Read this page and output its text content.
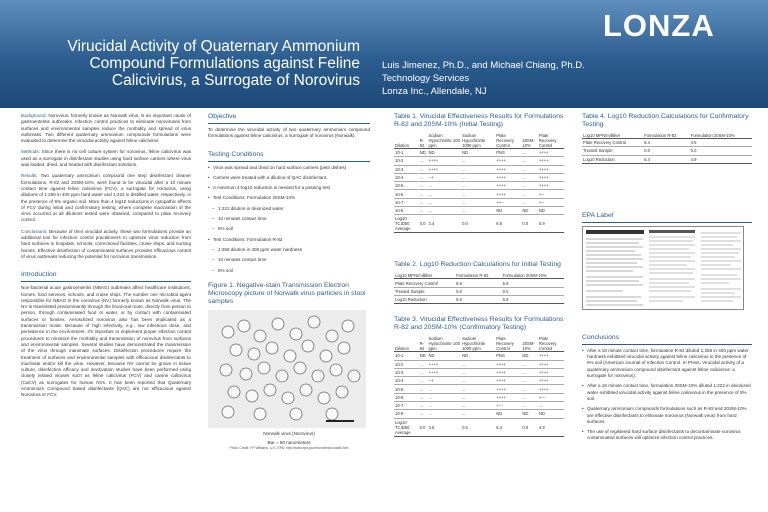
Virucidal Activity of Quaternary Ammonium
Compound Formulations against Feline
Calicivirus, a Surrogate of Norovirus
Luis Jimenez, Ph.D., and Michael Chiang, Ph.D.
Technology Services
Lonza Inc., Allendale, NJ
LONZA
Background: Norovirus, formerly known as Norwalk virus, is an important cause of gastroenteritis outbreaks. Infection control practices to eliminate noroviruses from surfaces and environmental samples reduce the morbidity and spread of virus outbreaks. Two different quaternary ammonium compounds formulations were evaluated to determine the virucidal activity against feline calicivirus
Methods: Since there is no cell culture system for norovirus, feline calicivirus was used as a surrogate in disinfectant studies using hard surface carriers where virus was loaded, dried, and treated with disinfectant solutions.
Results: Two quaternary ammonium compound one step disinfectant cleaner formulations, R-82 and 20SM-10%, were found to be virucidal after a 10 minute contact time against feline calicivirus (FCV), a surrogate for norovirus, using dilutions of 1:256 in 400 ppm hard water and 1:222 in distilled water, respectively, in the presence of 5% organic soil. More than 4 log10 reductions in cytopathic effects of FCV during initial and confirmatory testing, where complete inactivation of the virus occurred at all dilutions tested were obtained, compared to plate recovery control.
Conclusions: Because of their virucidal activity, these two formulations provide an additional tool for infection control practitioners to optimize virus reduction from hard surfaces in hospitals, schools, correctional facilities, cruise ships, and nursing homes. Effective disinfection of contaminated surfaces provides efficacious control of virus outbreaks reducing the potential for norovirus transmission.
Introduction
Non-bacterial acute gastroenteritis (NBAG) outbreaks affect healthcare institutions, homes, food services, schools, and cruise ships. The number one microbial agent responsible for NBAG is the norovirus (NV) formerly known as Norwalk virus. The NV is transmitted predominantly through the fecal-oral route, directly from person to person, through contaminated food or water, or by contact with contaminated surfaces or fomites. Aerosolized norovirus also has been implicated as a transmission mode. Because of high infectivity, e.g., low infectious dose, and persistence in the environment, it's important to implement proper infection control procedures to minimize the morbidity and transmission of norovirus from surfaces and environmental samples. Several studies have demonstrated the transmission of the virus through inanimate surfaces. Disinfection procedures require the treatment of surfaces and environmental samples with efficacious disinfectants to inactivate and/or kill the virus. However, because NV cannot be grown in tissue culture, disinfection efficacy and inactivation studies have been performed using closely related viruses such as feline calicivirus (FCV) and canine calicivirus (CaCV) as surrogates for human NVs. It has been reported that Quaternary Ammonium Compound based disinfectants (QAC) are not efficacious against Norovirus or FCV.
Objective
To determine the virucidal activity of two quaternary ammonium compound formulations against feline calicivirus, a surrogate of norovirus (Norwalk).
Testing Conditions
• Virus was spread and dried on hard surface carriers (petri dishes)
• Carriers were treated with a dilution of QAC disinfectant.
• A minimum 4-log10 reduction is needed for a passing test
• Test Conditions: Formulation 20SM-10%
– 1:222 dilution in deionized water
– 10 minutes contact time
– 5% soil
• Test Conditions: Formulation R-82
– 1:256 dilution in 400 ppm water hardness
– 10 minutes contact time
– 5% soil
Figure 1. Negative-stain Transmission Electron Microscopy picture of Norwalk virus particles in stool samples
Norwalk virus (Norovirus)
Bar = 50 nanometers
Photo Credit: FP Williams, U.S. EPA; http://www.epa.gov/microbes/norwalk.htm
Table 1. Virucidal Effectiveness Results for Formulations R-82 and 20SM-10% (Initial Testing)
Dilution	R-82	Sodium Hypochlorite 100 ppm	Sodium Hypochlorite 1000 ppm	Plate Recovery Control	20SM-10%	Plate Recovery Control
10-1	ND	ND	ND	PNS	...	++++
10-2	...	++++	...	++++	...	++++
10-3	...	++++	...	++++	...	++++
10-4	...	--+	...	++++	...	++++
10-5	...	...	...	++++	...	++++
10-6	...	...	...	++++	...	+--
10-7	...	...	...	++--	...	+--
10-8	...	...	...	ND	ND	ND
Log10 TCID50 Average	0.0	3.4	0.0	6.6	0.0	5.9
Table 2. Log10 Reduction Calculations for Initial Testing
Log10 MPN/milliliter	Formulation R-82	Formulation 20SM-10%
Plate Recovery Control	6.6	5.9
Treated Sample	0.0	0.0
Log10 Reduction	6.6	5.9
Table 3. Virucidal Effectiveness Results for Formulations R-82 and 20SM-10% (Confirmatory Testing)
Dilution	R-82	Sodium Hypochlorite 100 ppm	Sodium Hypochlorite 1000 ppm	Plate Recovery Control	20SM-10%	Plate Recovery Control
10-1	ND	ND	ND	PNS	ND	++++
10-2	...	++++	...	++++	...	++++
10-3	...	++++	...	++++	...	++++
10-4	...	--+	...	++++	...	++++
10-5	...	...	...	++++	...	++++
10-6	...	...	...	++++	...	+---
10-7	...	...	...	+---	...	....
10-8	...	...	...	ND	ND	ND
Log10 TCID50 Average	0.0	3.6	0.0	6.4	0.0	4.9
Table 4. Log10 Reduction Calculations for Confirmatory Testing
Log10 MPN/milliliter	Formulation R-82	Formulation 20SM-10%
Plate Recovery Control	6.4	4.9
Treated Sample	0.0	0.0
Log10 Reduction	6.4	4.9
EPA Label
Conclusions
• After a 10 minute contact time, formulation R-82 diluted 1:256 in 400 ppm water hardness exhibited virucidal activity against feline calicivirus in the presence of 5% soil (American Journal of Infection Control. In Press. Virucidal activity of a quaternary ammonium compound disinfectant against feline calicivirus: a surrogate for norovirus).
• After a 10 minute contact time, formulation 20SM-10% diluted 1:222 in deionized water exhibited virucidal activity against feline calicivirus in the presence of 5% soil.
• Quaternary ammonium compounds formulations such as R-82 and 20SM-10% are effective disinfectants to eliminate norovirus (Norwalk virus) from hard surfaces.
• The use of registered hard surface disinfectants to decontaminate norovirus contaminated surfaces will optimize infection control practices.
